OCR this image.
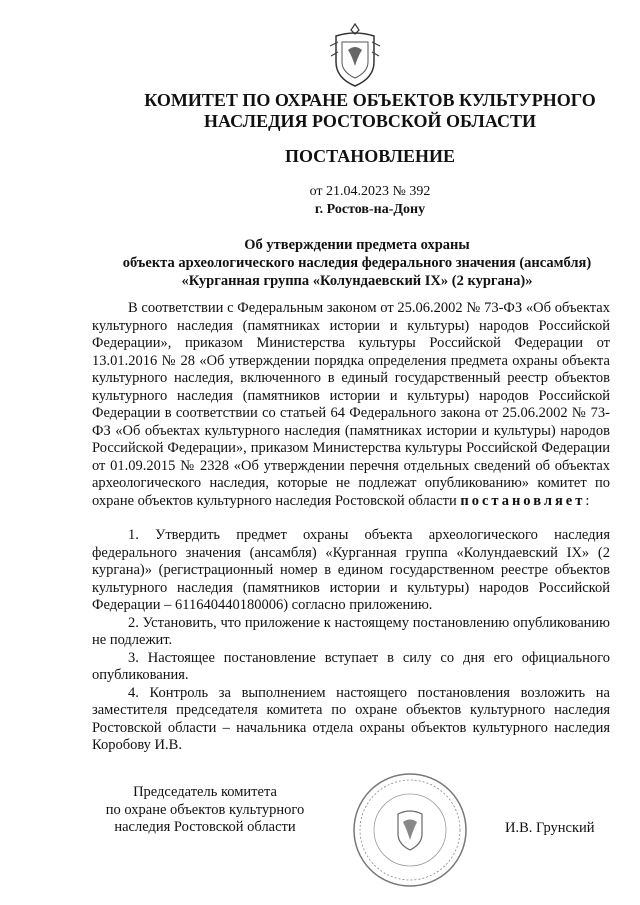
КОМИТЕТ ПО ОХРАНЕ ОБЪЕКТОВ КУЛЬТУРНОГО
НАСЛЕДИЯ РОСТОВСКОЙ ОБЛАСТИ
ПОСТАНОВЛЕНИЕ
от 21.04.2023 № 392
г. Ростов-на-Дону
Об утверждении предмета охраны
объекта археологического наследия федерального значения (ансамбля)
«Курганная группа «Колундаевский IX» (2 кургана)»

В соответствии с Федеральным законом от 25.06.2002 № 73-ФЗ «Об объектах культурного наследия (памятниках истории и культуры) народов Российской Федерации», приказом Министерства культуры Российской Федерации от 13.01.2016 № 28 «Об утверждении порядка определения предмета охраны объекта культурного наследия, включенного в единый государственный реестр объектов культурного наследия (памятников истории и культуры) народов Российской Федерации в соответствии со статьей 64 Федерального закона от 25.06.2002 № 73-ФЗ «Об объектах культурного наследия (памятниках истории и культуры) народов Российской Федерации», приказом Министерства культуры Российской Федерации от 01.09.2015 № 2328 «Об утверждении перечня отдельных сведений об объектах археологического наследия, которые не подлежат опубликованию» комитет по охране объектов культурного наследия Ростовской области постановляет:

1. Утвердить предмет охраны объекта археологического наследия федерального значения (ансамбля) «Курганная группа «Колундаевский IX» (2 кургана)» (регистрационный номер в едином государственном реестре объектов культурного наследия (памятников истории и культуры) народов Российской Федерации – 611640440180006) согласно приложению.

2. Установить, что приложение к настоящему постановлению опубликованию не подлежит.

3. Настоящее постановление вступает в силу со дня его официального опубликования.

4. Контроль за выполнением настоящего постановления возложить на заместителя председателя комитета по охране объектов культурного наследия Ростовской области – начальника отдела охраны объектов культурного наследия Коробову И.В.

Председатель комитета
по охране объектов культурного
наследия Ростовской области	И.В. Грунский
